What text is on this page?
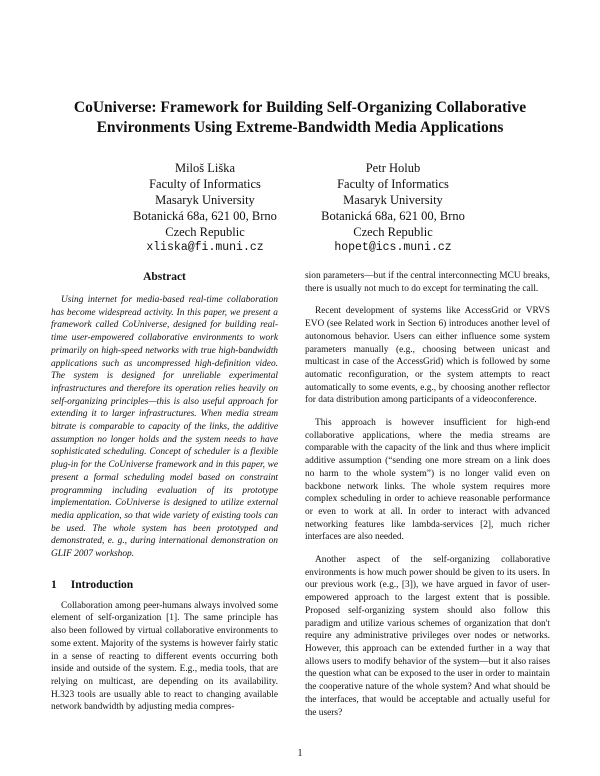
CoUniverse: Framework for Building Self-Organizing Collaborative
Environments Using Extreme-Bandwidth Media Applications
Miloš Liška
Faculty of Informatics
Masaryk University
Botanická 68a, 621 00, Brno
Czech Republic
xliska@fi.muni.cz
Petr Holub
Faculty of Informatics
Masaryk University
Botanická 68a, 621 00, Brno
Czech Republic
hopet@ics.muni.cz
Abstract

Using internet for media-based real-time collaboration has become widespread activity. In this paper, we present a framework called CoUniverse, designed for building real-time user-empowered collaborative environments to work primarily on high-speed networks with true high-bandwidth applications such as uncompressed high-definition video. The system is designed for unreliable experimental infrastructures and therefore its operation relies heavily on self-organizing principles—this is also useful approach for extending it to larger infrastructures. When media stream bitrate is comparable to capacity of the links, the additive assumption no longer holds and the system needs to have sophisticated scheduling. Concept of scheduler is a flexible plug-in for the CoUniverse framework and in this paper, we present a formal scheduling model based on constraint programming including evaluation of its prototype implementation. CoUniverse is designed to utilize external media application, so that wide variety of existing tools can be used. The whole system has been prototyped and demonstrated, e. g., during international demonstration on GLIF 2007 workshop.

1 Introduction

Collaboration among peer-humans always involved some element of self-organization [1]. The same principle has also been followed by virtual collaborative environments to some extent. Majority of the systems is however fairly static in a sense of reacting to different events occurring both inside and outside of the system. E.g., media tools, that are relying on multicast, are depending on its availability. H.323 tools are usually able to react to changing available network bandwidth by adjusting media compres-

sion parameters—but if the central interconnecting MCU breaks, there is usually not much to do except for terminating the call.

Recent development of systems like AccessGrid or VRVS EVO (see Related work in Section 6) introduces another level of autonomous behavior. Users can either influence some system parameters manually (e.g., choosing between unicast and multicast in case of the AccessGrid) which is followed by some automatic reconfiguration, or the system attempts to react automatically to some events, e.g., by choosing another reflector for data distribution among participants of a videoconference.

This approach is however insufficient for high-end collaborative applications, where the media streams are comparable with the capacity of the link and thus where implicit additive assumption (“sending one more stream on a link does no harm to the whole system”) is no longer valid even on backbone network links. The whole system requires more complex scheduling in order to achieve reasonable performance or even to work at all. In order to interact with advanced networking features like lambda-services [2], much richer interfaces are also needed.

Another aspect of the self-organizing collaborative environments is how much power should be given to its users. In our previous work (e.g., [3]), we have argued in favor of user-empowered approach to the largest extent that is possible. Proposed self-organizing system should also follow this paradigm and utilize various schemes of organization that don't require any administrative privileges over nodes or networks. However, this approach can be extended further in a way that allows users to modify behavior of the system—but it also raises the question what can be exposed to the user in order to maintain the cooperative nature of the whole system? And what should be the interfaces, that would be acceptable and actually useful for the users?

1
